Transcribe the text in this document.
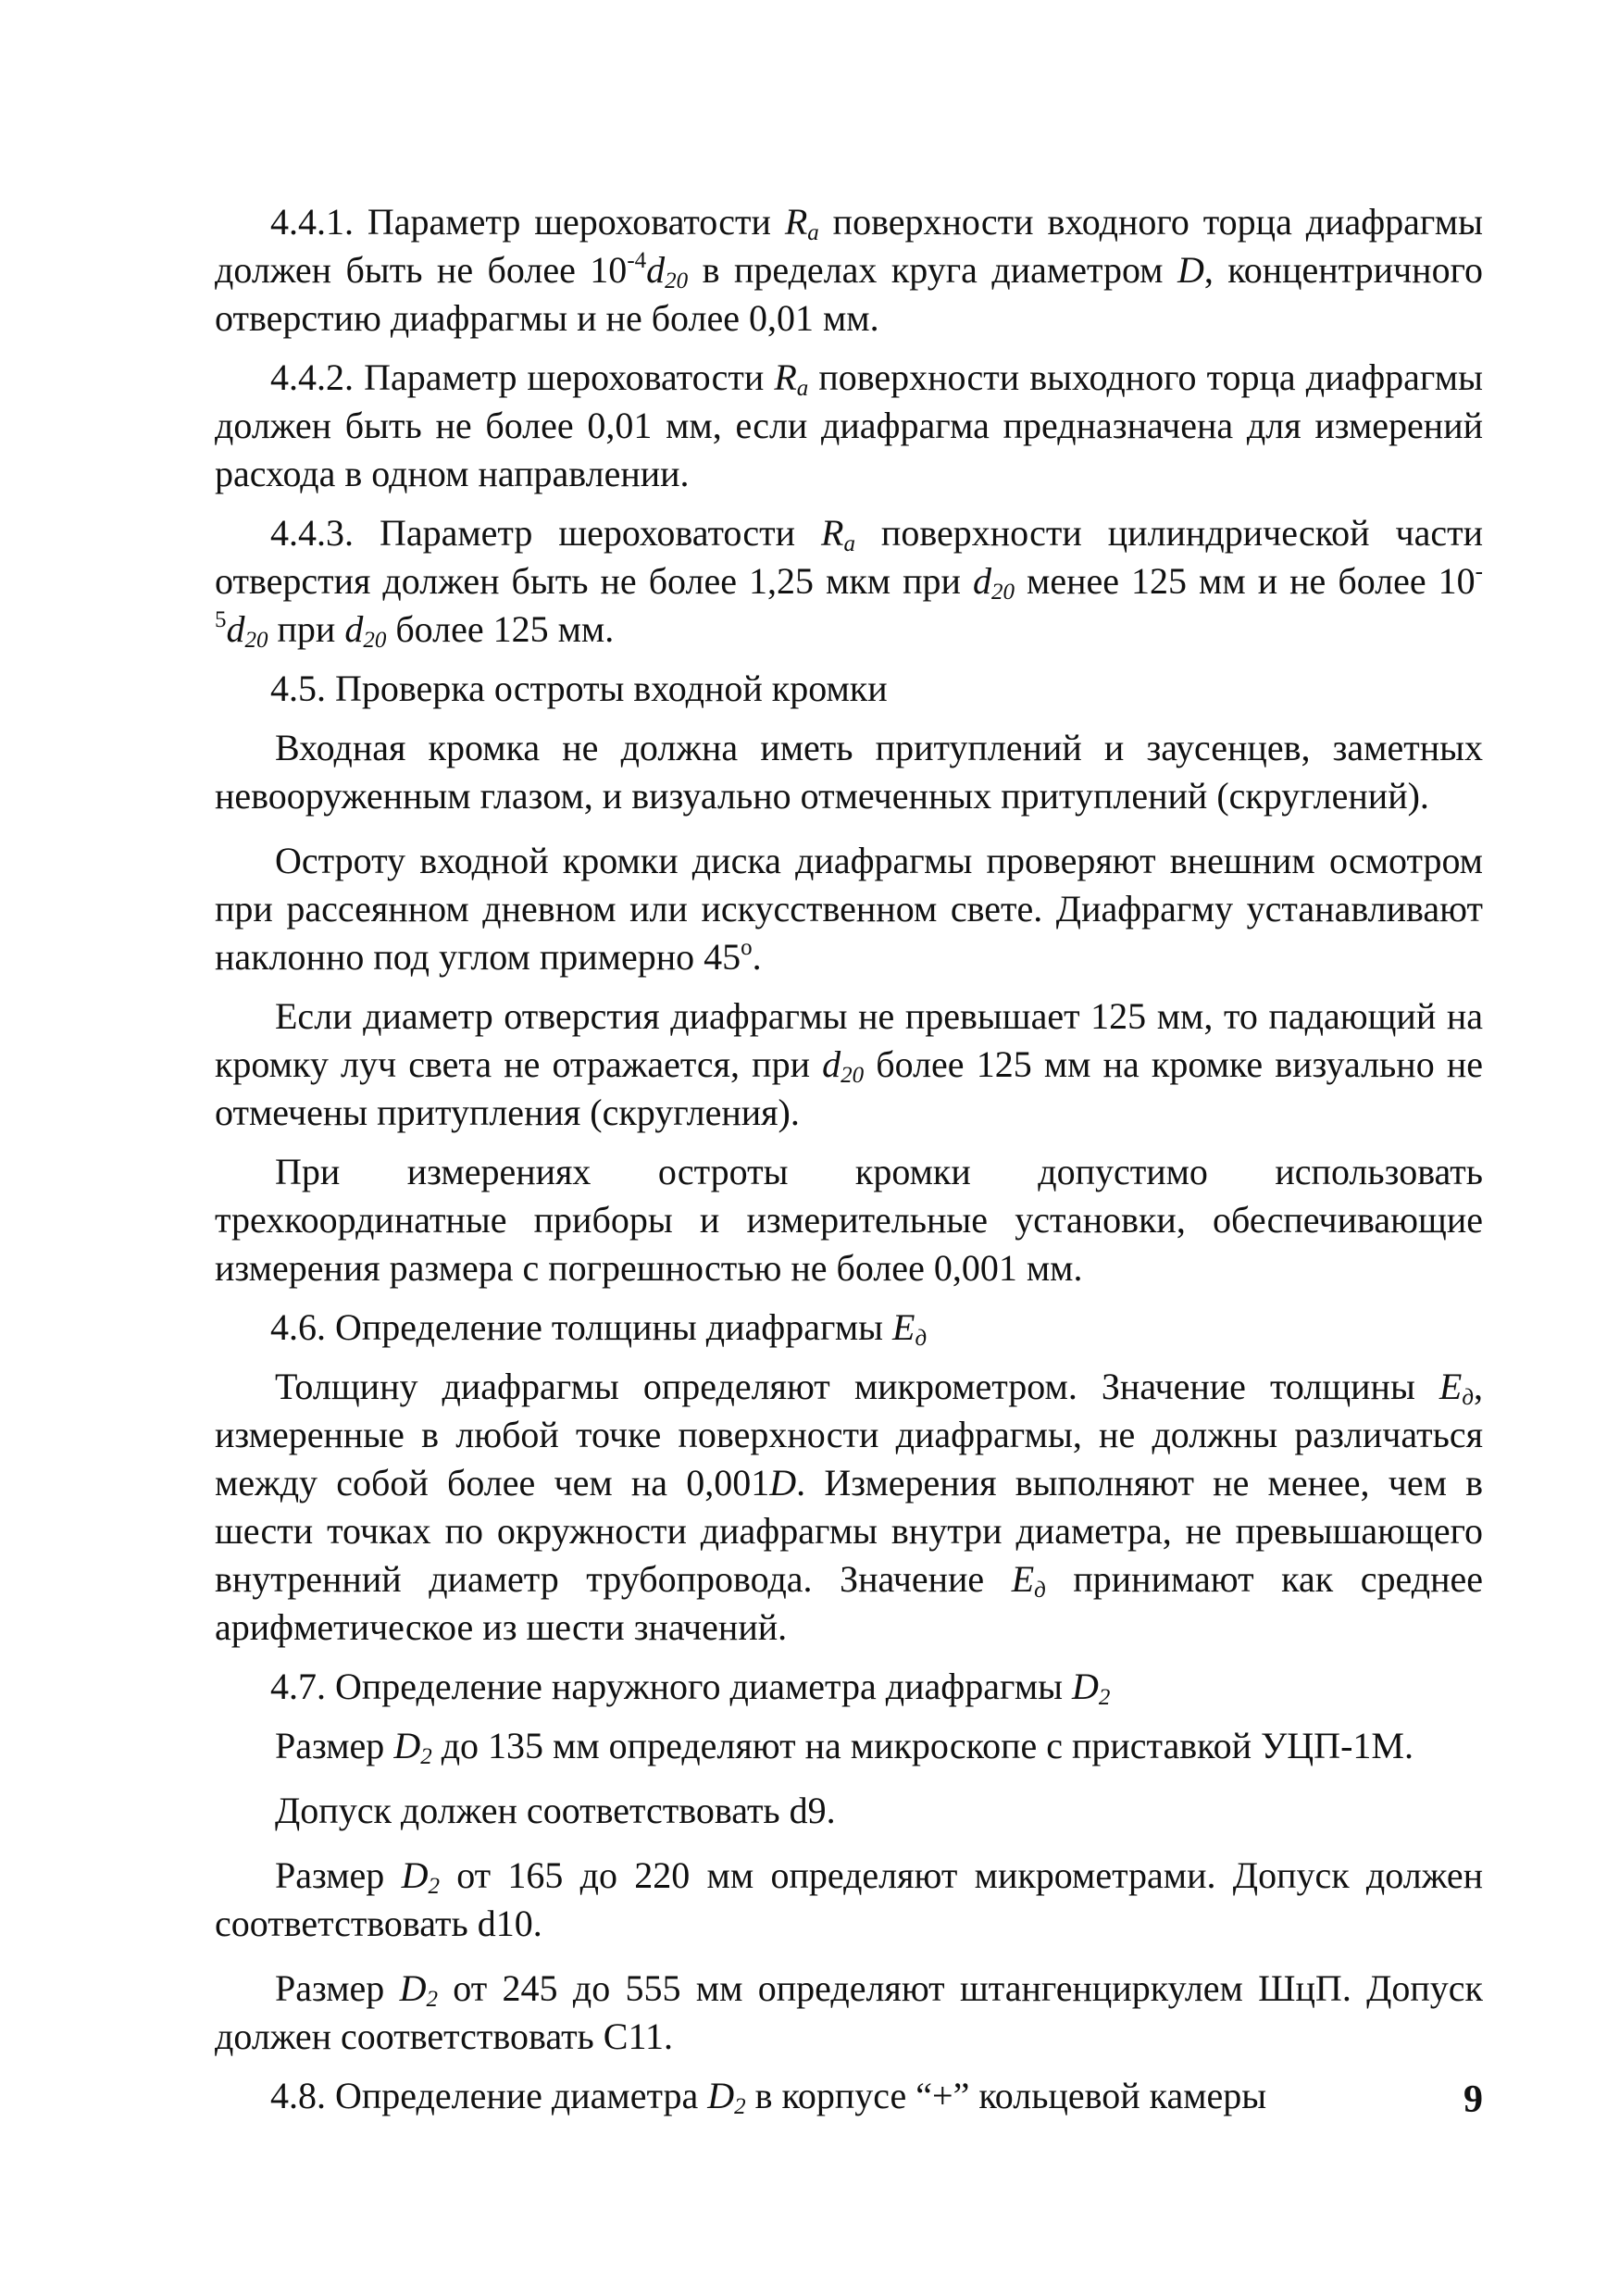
4.4.1. Параметр шероховатости $R_a$ поверхности входного торца диафрагмы должен быть не более $10^{-4}d_{20}$ в пределах круга диаметром D, концентричного отверстию диафрагмы и не более 0,01 мм.

4.4.2. Параметр шероховатости $R_a$ поверхности выходного торца диафрагмы должен быть не более 0,01 мм, если диафрагма предназначена для измерений расхода в одном направлении.

4.4.3. Параметр шероховатости $R_a$ поверхности цилиндрической части отверстия должен быть не более 1,25 мкм при $d_{20}$ менее 125 мм и не более $10^{-5}d_{20}$ при $d_{20}$ более 125 мм.

4.5. Проверка остроты входной кромки

Входная кромка не должна иметь притуплений и заусенцев, заметных невооруженным глазом, и визуально отмеченных притуплений (скруглений).

Остроту входной кромки диска диафрагмы проверяют внешним осмотром при рассеянном дневном или искусственном свете. Диафрагму устанавливают наклонно под углом примерно $45^о$.

Если диаметр отверстия диафрагмы не превышает 125 мм, то падающий на кромку луч света не отражается, при $d_{20}$ более 125 мм на кромке визуально не отмечены притупления (скругления).

При измерениях остроты кромки допустимо использовать трехкоординатные приборы и измерительные установки, обеспечивающие измерения размера с погрешностью не более 0,001 мм.

4.6. Определение толщины диафрагмы $E_д$

Толщину диафрагмы определяют микрометром. Значение толщины $E_д$, измеренные в любой точке поверхности диафрагмы, не должны различаться между собой более чем на 0,001D. Измерения выполняют не менее, чем в шести точках по окружности диафрагмы внутри диаметра, не превышающего внутренний диаметр трубопровода. Значение $E_д$ принимают как среднее арифметическое из шести значений.

4.7. Определение наружного диаметра диафрагмы $D_2$

Размер $D_2$ до 135 мм определяют на микроскопе с приставкой УЦП-1М.

Допуск должен соответствовать d9.

Размер $D_2$ от 165 до 220 мм определяют микрометрами. Допуск должен соответствовать d10.

Размер $D_2$ от 245 до 555 мм определяют штангенциркулем ШцП. Допуск должен соответствовать C11.

4.8. Определение диаметра $D_2$ в корпусе “+” кольцевой камеры	9
